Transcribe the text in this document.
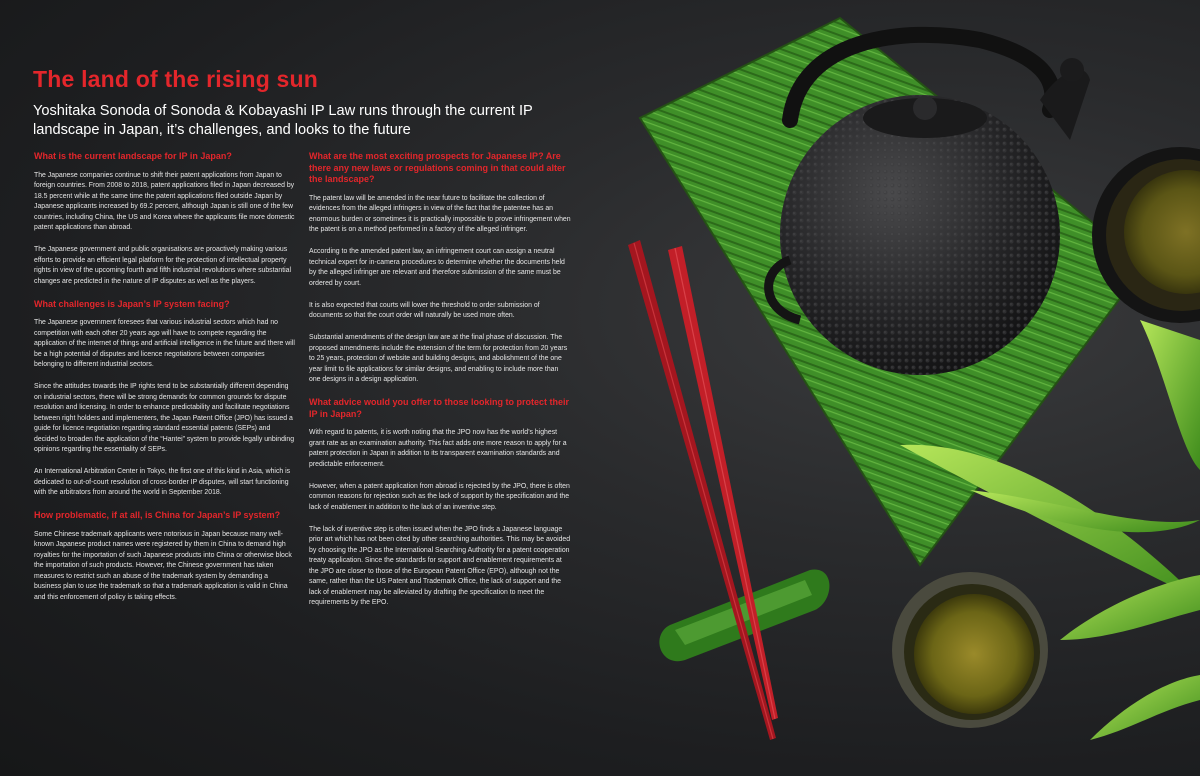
The land of the rising sun

Yoshitaka Sonoda of Sonoda & Kobayashi IP Law runs through the current IP landscape in Japan, it’s challenges, and looks to the future

What is the current landscape for IP in Japan?

The Japanese companies continue to shift their patent applications from Japan to foreign countries. From 2008 to 2018, patent applications filed in Japan decreased by 18.5 percent while at the same time the patent applications filed outside Japan by Japanese applicants increased by 69.2 percent, although Japan is still one of the few countries, including China, the US and Korea where the applicants file more domestic patent applications than abroad.

The Japanese government and public organisations are proactively making various efforts to provide an efficient legal platform for the protection of intellectual property rights in view of the upcoming fourth and fifth industrial revolutions where substantial changes are predicted in the nature of IP disputes as well as the players.

What challenges is Japan’s IP system facing?

The Japanese government foresees that various industrial sectors which had no competition with each other 20 years ago will have to compete regarding the application of the internet of things and artificial intelligence in the future and there will be a high potential of disputes and licence negotiations between companies belonging to different industrial sectors.

Since the attitudes towards the IP rights tend to be substantially different depending on industrial sectors, there will be strong demands for common grounds for dispute resolution and licensing. In order to enhance predictability and facilitate negotiations between right holders and implementers, the Japan Patent Office (JPO) has issued a guide for licence negotiation regarding standard essential patents (SEPs) and decided to broaden the application of the “Hantei” system to provide legally unbinding opinions regarding the essentiality of SEPs.

An International Arbitration Center in Tokyo, the first one of this kind in Asia, which is dedicated to out-of-court resolution of cross-border IP disputes, will start functioning with the arbitrators from around the world in September 2018.

How problematic, if at all, is China for Japan’s IP system?

Some Chinese trademark applicants were notorious in Japan because many well-known Japanese product names were registered by them in China to demand high royalties for the importation of such Japanese products into China or otherwise block the importation of such products. However, the Chinese government has taken measures to restrict such an abuse of the trademark system by demanding a business plan to use the trademark so that a trademark application is valid in China and this enforcement of policy is taking effects.

What are the most exciting prospects for Japanese IP? Are there any new laws or regulations coming in that could alter the landscape?

The patent law will be amended in the near future to facilitate the collection of evidences from the alleged infringers in view of the fact that the patentee has an enormous burden or sometimes it is practically impossible to prove infringement when the patent is on a method performed in a factory of the alleged infringer.

According to the amended patent law, an infringement court can assign a neutral technical expert for in-camera procedures to determine whether the documents held by the alleged infringer are relevant and therefore submission of the same must be ordered by court.

It is also expected that courts will lower the threshold to order submission of documents so that the court order will naturally be used more often.

Substantial amendments of the design law are at the final phase of discussion. The proposed amendments include the extension of the term for protection from 20 years to 25 years, protection of website and building designs, and abolishment of the one year limit to file applications for similar designs, and enabling to include more than one designs in a design application.

What advice would you offer to those looking to protect their IP in Japan?

With regard to patents, it is worth noting that the JPO now has the world’s highest grant rate as an examination authority. This fact adds one more reason to apply for a patent protection in Japan in addition to its transparent examination standards and predictable enforcement.

However, when a patent application from abroad is rejected by the JPO, there is often common reasons for rejection such as the lack of support by the specification and the lack of enablement in addition to the lack of an inventive step.

The lack of inventive step is often issued when the JPO finds a Japanese language prior art which has not been cited by other searching authorities. This may be avoided by choosing the JPO as the International Searching Authority for a patent cooperation treaty application. Since the standards for support and enablement requirements at the JPO are closer to those of the European Patent Office (EPO), although not the same, rather than the US Patent and Trademark Office, the lack of support and the lack of enablement may be alleviated by drafting the specification to meet the requirements by the EPO.
